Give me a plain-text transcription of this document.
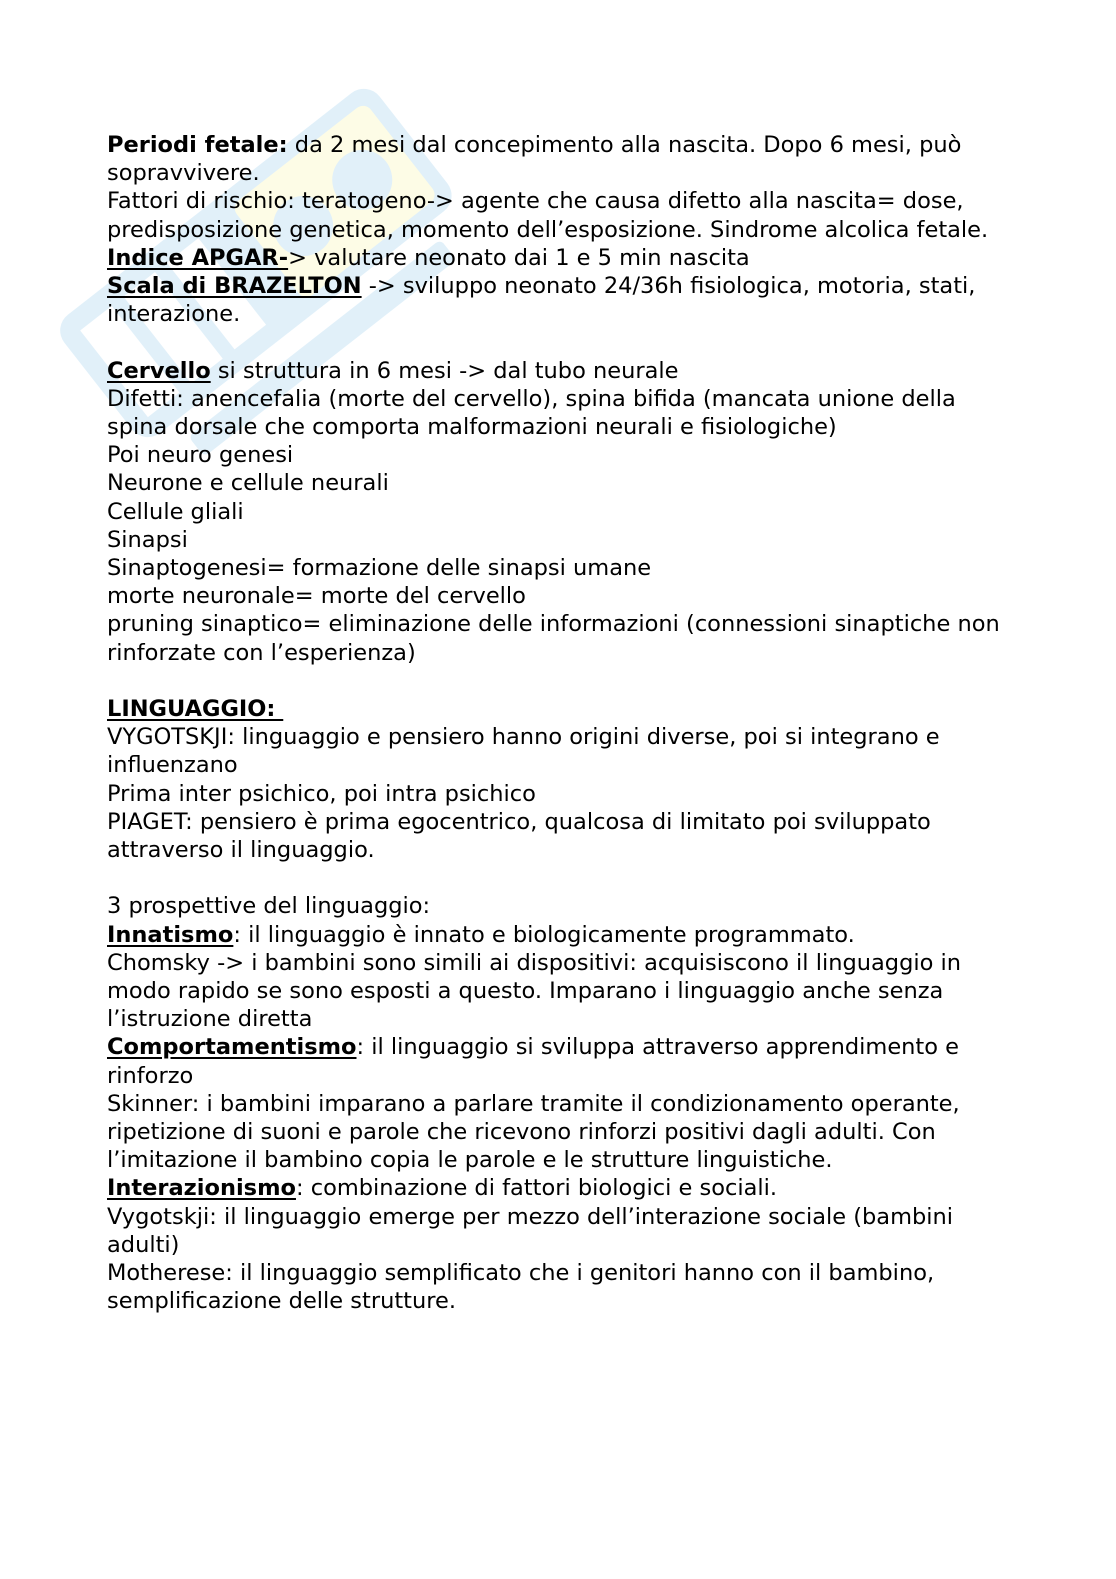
Periodi fetale: da 2 mesi dal concepimento alla nascita. Dopo 6 mesi, può sopravvivere.

Fattori di rischio: teratogeno-> agente che causa difetto alla nascita= dose, predisposizione genetica, momento dell’esposizione. Sindrome alcolica fetale.

Indice APGAR-> valutare neonato dai 1 e 5 min nascita

Scala di BRAZELTON -> sviluppo neonato 24/36h fisiologica, motoria, stati, interazione.

Cervello si struttura in 6 mesi -> dal tubo neurale

Difetti: anencefalia (morte del cervello), spina bifida (mancata unione della spina dorsale che comporta malformazioni neurali e fisiologiche)

Poi neuro genesi

Neurone e cellule neurali

Cellule gliali

Sinapsi

Sinaptogenesi= formazione delle sinapsi umane

morte neuronale= morte del cervello

pruning sinaptico= eliminazione delle informazioni (connessioni sinaptiche non rinforzate con l’esperienza)

LINGUAGGIO:

VYGOTSKJI: linguaggio e pensiero hanno origini diverse, poi si integrano e influenzano

Prima inter psichico, poi intra psichico

PIAGET: pensiero è prima egocentrico, qualcosa di limitato poi sviluppato attraverso il linguaggio.

3 prospettive del linguaggio:

Innatismo: il linguaggio è innato e biologicamente programmato.

Chomsky -> i bambini sono simili ai dispositivi: acquisiscono il linguaggio in modo rapido se sono esposti a questo. Imparano i linguaggio anche senza l’istruzione diretta

Comportamentismo: il linguaggio si sviluppa attraverso apprendimento e rinforzo

Skinner: i bambini imparano a parlare tramite il condizionamento operante, ripetizione di suoni e parole che ricevono rinforzi positivi dagli adulti. Con l’imitazione il bambino copia le parole e le strutture linguistiche.

Interazionismo: combinazione di fattori biologici e sociali.

Vygotskji: il linguaggio emerge per mezzo dell’interazione sociale (bambini adulti)

Motherese: il linguaggio semplificato che i genitori hanno con il bambino, semplificazione delle strutture.
